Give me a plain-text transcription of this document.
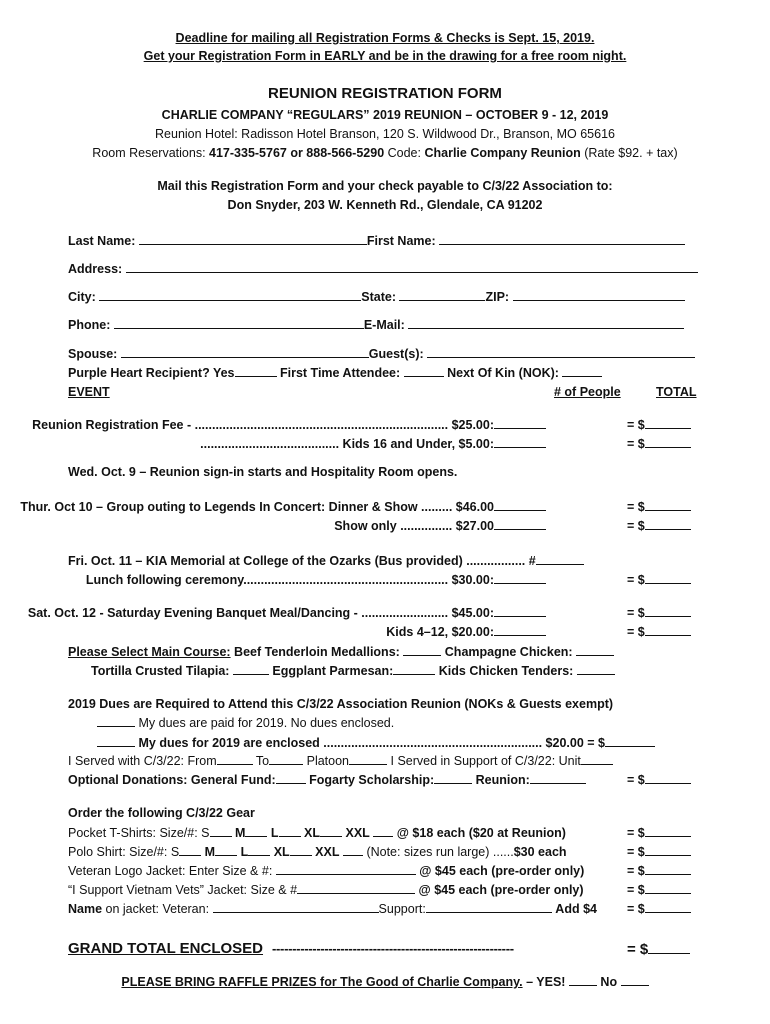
Deadline for mailing all Registration Forms & Checks is Sept. 15, 2019.
Get your Registration Form in EARLY and be in the drawing for a free room night.
REUNION REGISTRATION FORM
CHARLIE COMPANY “REGULARS” 2019 REUNION – OCTOBER 9 - 12, 2019
Reunion Hotel: Radisson Hotel Branson, 120 S. Wildwood Dr., Branson, MO 65616
Room Reservations: 417-335-5767 or 888-566-5290 Code: Charlie Company Reunion (Rate $92. + tax)
Mail this Registration Form and your check payable to C/3/22 Association to:
Don Snyder, 203 W. Kenneth Rd., Glendale, CA 91202
Last Name:	First Name:
Address:
City:	State:	ZIP:
Phone:	E-Mail:
Spouse:	Guest(s):
Purple Heart Recipient? Yes	First Time Attendee:	Next Of Kin (NOK):
EVENT	# of People	TOTAL
Reunion Registration Fee - ......................................................................... $25.00:	= $
........................................ Kids 16 and Under, $5.00:	= $
Wed. Oct. 9 – Reunion sign-in starts and Hospitality Room opens.
Thur. Oct 10 – Group outing to Legends In Concert: Dinner & Show ......... $46.00	= $
Show only ............... $27.00	= $
Fri. Oct. 11 – KIA Memorial at College of the Ozarks (Bus provided) ................. #
Lunch following ceremony........................................................... $30.00:	= $
Sat. Oct. 12 - Saturday Evening Banquet Meal/Dancing - ......................... $45.00:	= $
Kids 4–12, $20.00:	= $
Please Select Main Course: Beef Tenderloin Medallions:	Champagne Chicken:
Tortilla Crusted Tilapia:	Eggplant Parmesan:	Kids Chicken Tenders:
2019 Dues are Required to Attend this C/3/22 Association Reunion (NOKs & Guests exempt)
My dues are paid for 2019. No dues enclosed.
My dues for 2019 are enclosed ............................................................... $20.00 = $
I Served with C/3/22: From	To	Platoon	I Served in Support of C/3/22: Unit
Optional Donations: General Fund:	Fogarty Scholarship:	Reunion:	= $
Order the following C/3/22 Gear
Pocket T-Shirts: Size/#: S M L XL XXL @ $18 each ($20 at Reunion)	= $
Polo Shirt: Size/#: S M L XL XXL (Note: sizes run large) ......$30 each	= $
Veteran Logo Jacket: Enter Size & #:	@ $45 each (pre-order only)	= $
“I Support Vietnam Vets” Jacket: Size & #	@ $45 each (pre-order only)	= $
Name on jacket: Veteran:	Support:	Add $4 = $
GRAND TOTAL ENCLOSED ------------------------------------------------------------	= $
PLEASE BRING RAFFLE PRIZES for The Good of Charlie Company. – YES!	No
